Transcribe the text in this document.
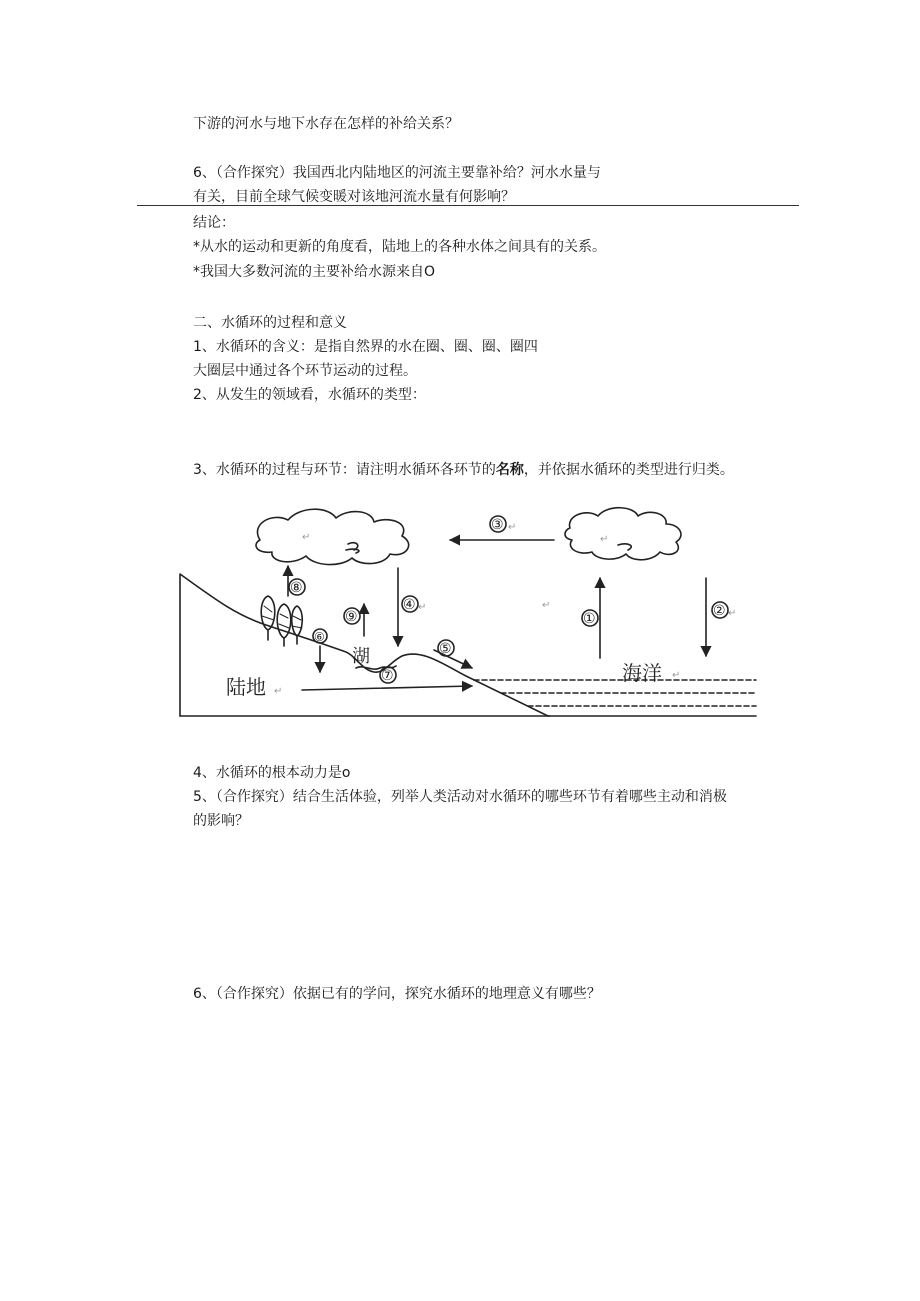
下游的河水与地下水存在怎样的补给关系？
6、（合作探究）我国西北内陆地区的河流主要靠补给？河水水量与
有关，目前全球气候变暖对该地河流水量有何影响？
结论：
*从水的运动和更新的角度看，陆地上的各种水体之间具有的关系。
*我国大多数河流的主要补给水源来自O
二、水循环的过程和意义
1、水循环的含义：是指自然界的水在圈、圈、圈、圈四
大圈层中通过各个环节运动的过程。
2、从发生的领域看，水循环的类型：
3、水循环的过程与环节：请注明水循环各环节的名称，并依据水循环的类型进行归类。
①	②
③
④
⑤
⑥
⑦
⑧
⑨
陆地
湖
海洋
↵
↵
↵	↵
↵
↵
↵	↵
4、水循环的根本动力是o
5、（合作探究）结合生活体验，列举人类活动对水循环的哪些环节有着哪些主动和消极
的影响？
6、（合作探究）依据已有的学问，探究水循环的地理意义有哪些？
